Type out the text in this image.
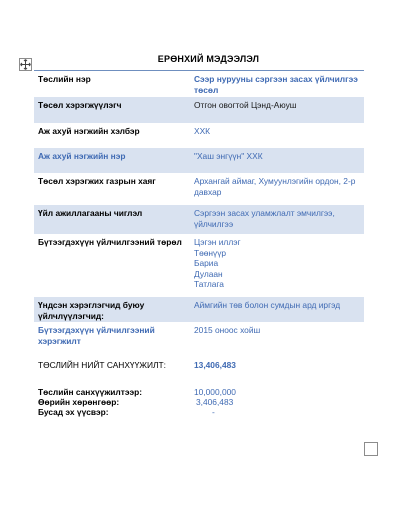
ЕРӨНХИЙ МЭДЭЭЛЭЛ
Төслийн нэр	Сээр нурууны сэргээн засах үйлчилгээ төсөл
Төсөл хэрэгжүүлэгч	Отгон овогтой Цэнд-Аюуш
Аж ахуй нэгжийн хэлбэр	ХХК
Аж ахуй нэгжийн нэр	"Хаш энгүүн" ХХК
Төсөл хэрэгжих газрын хаяг	Архангай аймаг, Хумуунлэгийн ордон, 2-р давхар
Үйл ажиллагааны чиглэл	Сэргээн засах уламжлалт эмчилгээ, үйлчилгээ
Бүтээгдэхүүн үйлчилгээний төрөл	Цэгэн иллэг
Төөнүүр
Бариа
Дулаан
Татлага
Үндсэн хэрэглэгчид буюу үйлчлүүлэгчид:
Аймгийн төв болон сумдын ард иргэд
Бүтээгдэхүүн үйлчилгээний хэрэгжилт
2015 оноос хойш
ТӨСЛИЙН НИЙТ САНХҮҮЖИЛТ:	13,406,483
Төслийн санхүүжилтээр:	10,000,000
Өөрийн хөрөнгөөр:	3,406,483
Бусад эх үүсвэр:	-
